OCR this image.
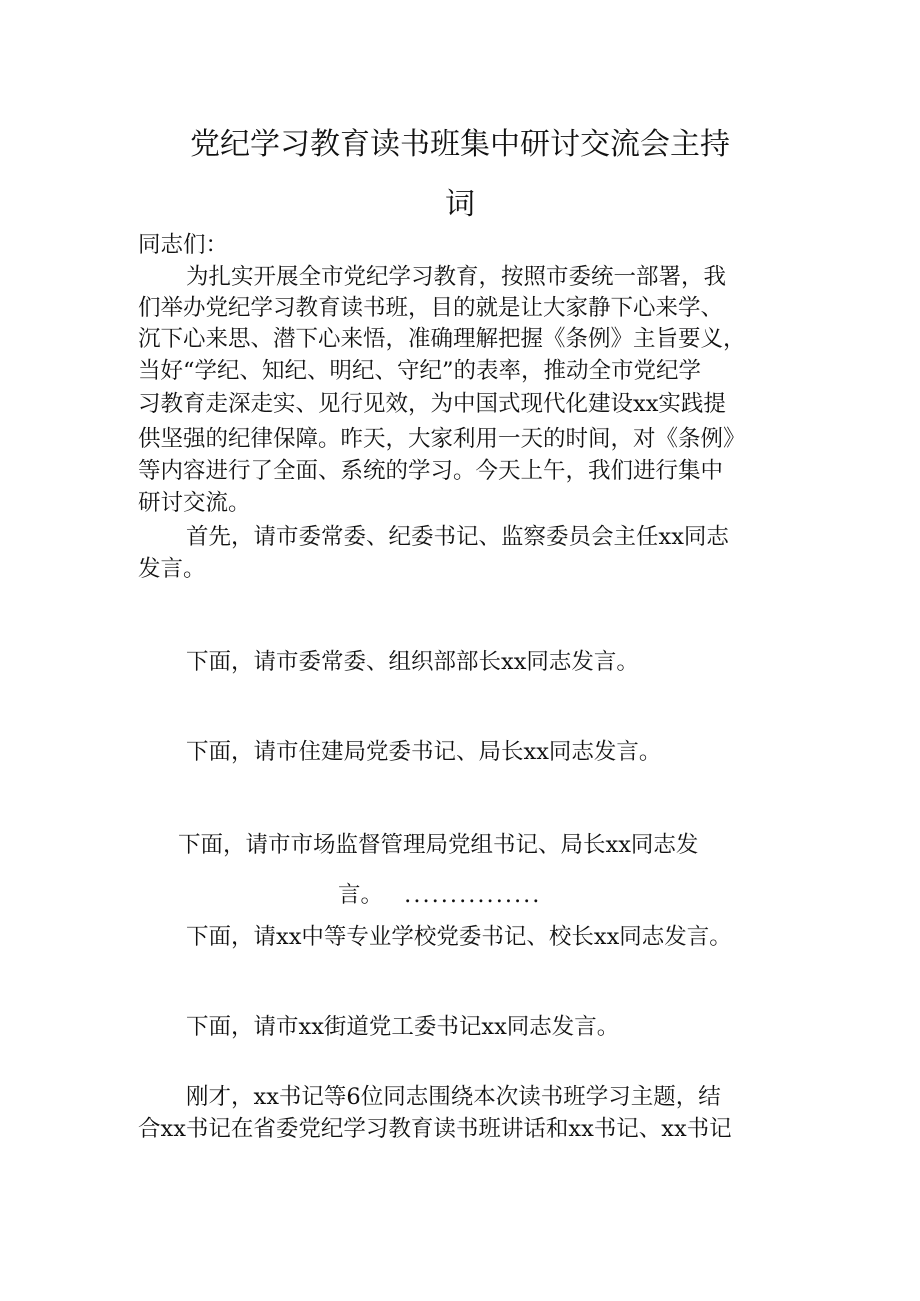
党纪学习教育读书班集中研讨交流会主持
词
同志们：
为扎实开展全市党纪学习教育，按照市委统一部署，我
们举办党纪学习教育读书班，目的就是让大家静下心来学、
沉下心来思、潜下心来悟，准确理解把握《条例》主旨要义，
当好“学纪、知纪、明纪、守纪”的表率，推动全市党纪学
习教育走深走实、见行见效，为中国式现代化建设xx实践提
供坚强的纪律保障。昨天，大家利用一天的时间，对《条例》
等内容进行了全面、系统的学习。今天上午，我们进行集中
研讨交流。
首先，请市委常委、纪委书记、监察委员会主任xx同志
发言。
下面，请市委常委、组织部部长xx同志发言。
下面，请市住建局党委书记、局长xx同志发言。
下面，请市市场监督管理局党组书记、局长xx同志发
言。 ...............
下面，请xx中等专业学校党委书记、校长xx同志发言。
下面，请市xx街道党工委书记xx同志发言。
刚才，xx书记等6位同志围绕本次读书班学习主题，结
合xx书记在省委党纪学习教育读书班讲话和xx书记、xx书记
